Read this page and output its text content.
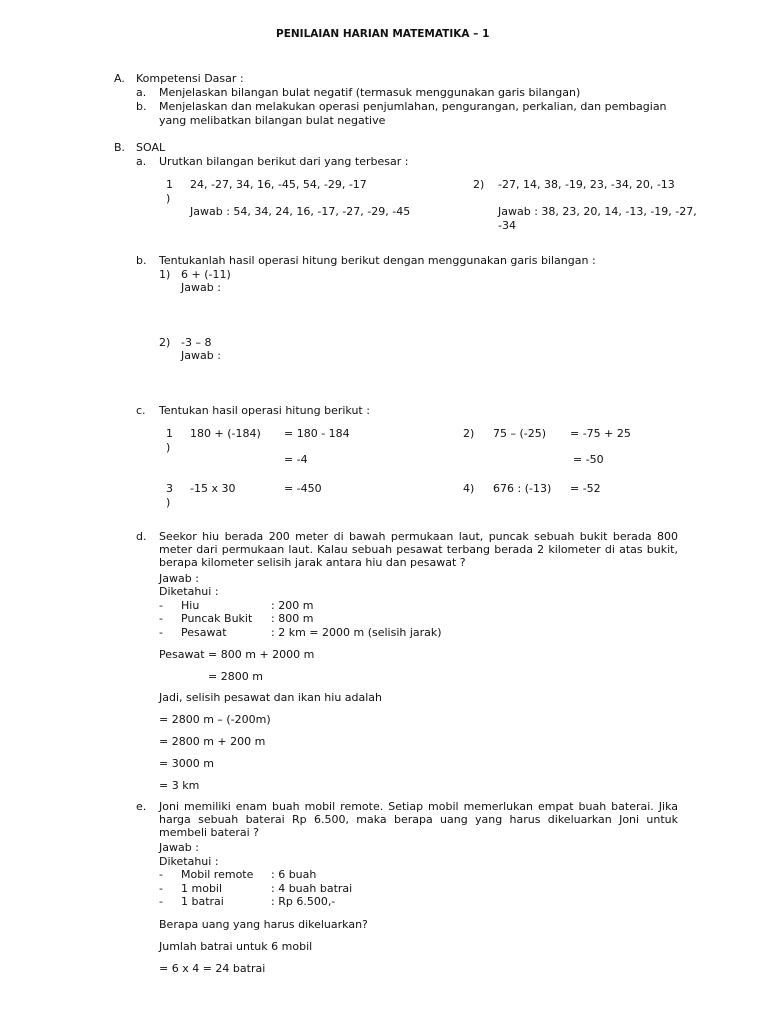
PENILAIAN HARIAN MATEMATIKA – 1
A. Kompetensi Dasar :
a. Menjelaskan bilangan bulat negatif (termasuk menggunakan garis bilangan)
b. Menjelaskan dan melakukan operasi penjumlahan, pengurangan, perkalian, dan pembagian
yang melibatkan bilangan bulat negative
B. SOAL
a. Urutkan bilangan berikut dari yang terbesar :
1
)
24, -27, 34, 16, -45, 54, -29, -17
Jawab : 54, 34, 24, 16, -17, -27, -29, -45
2) -27, 14, 38, -19, 23, -34, 20, -13
Jawab : 38, 23, 20, 14, -13, -19, -27,
-34
b. Tentukanlah hasil operasi hitung berikut dengan menggunakan garis bilangan :
1) 6 + (-11)
Jawab :
2) -3 – 8
Jawab :
c. Tentukan hasil operasi hitung berikut :
1
)
180 + (-184) = 180 - 184
= -4
2) 75 – (-25) = -75 + 25
= -50
3
)
-15 x 30	= -450	4) 676 : (-13) = -52
d. Seekor hiu berada 200 meter di bawah permukaan laut, puncak sebuah bukit berada 800 meter dari permukaan laut. Kalau sebuah pesawat terbang berada 2 kilometer di atas bukit, berapa kilometer selisih jarak antara hiu dan pesawat ?
Jawab :
Diketahui :
- Hiu	: 200 m
- Puncak Bukit : 800 m
- Pesawat	: 2 km = 2000 m (selisih jarak)
Pesawat = 800 m + 2000 m
= 2800 m
Jadi, selisih pesawat dan ikan hiu adalah
= 2800 m – (-200m)
= 2800 m + 200 m
= 3000 m
= 3 km
e. Joni memiliki enam buah mobil remote. Setiap mobil memerlukan empat buah baterai. Jika harga sebuah baterai Rp 6.500, maka berapa uang yang harus dikeluarkan Joni untuk membeli baterai ?
Jawab :
Diketahui :
- Mobil remote : 6 buah
- 1 mobil	: 4 buah batrai
- 1 batrai	: Rp 6.500,-
Berapa uang yang harus dikeluarkan?
Jumlah batrai untuk 6 mobil
= 6 x 4 = 24 batrai
